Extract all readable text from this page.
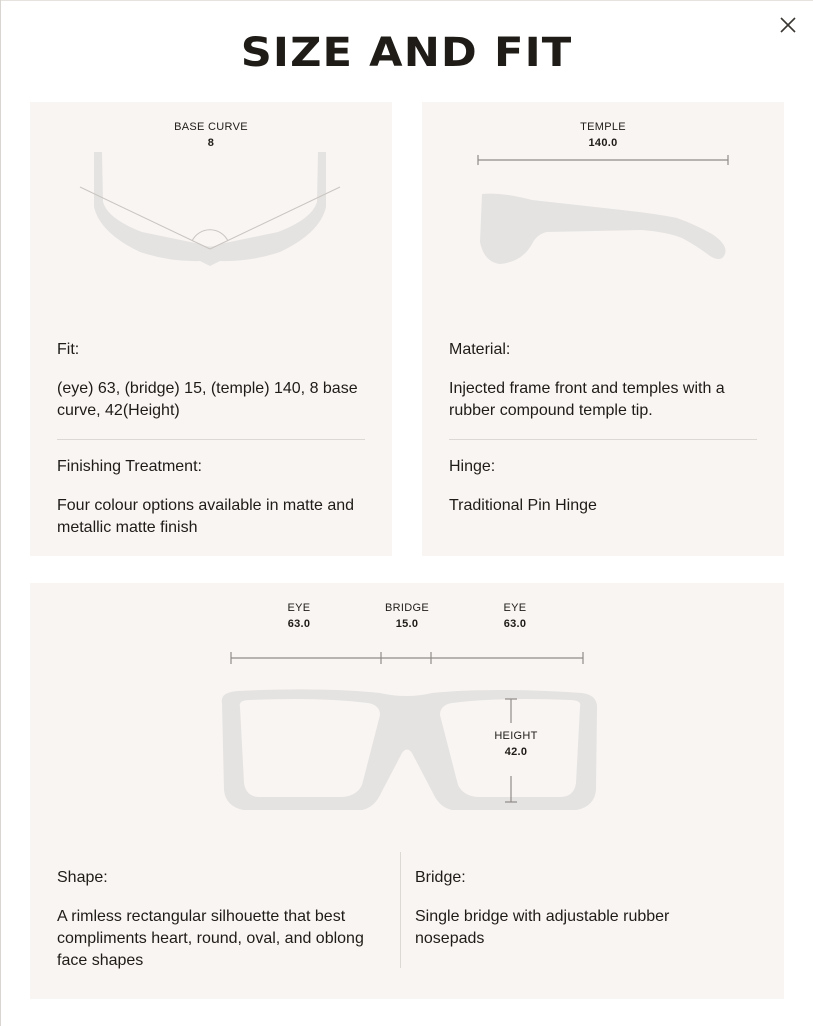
SIZE AND FIT
BASE CURVE
8
Fit:
(eye) 63, (bridge) 15, (temple) 140, 8 base curve, 42(Height)
Finishing Treatment:
Four colour options available in matte and metallic matte finish
TEMPLE
140.0
Material:
Injected frame front and temples with a rubber compound temple tip.
Hinge:
Traditional Pin Hinge
EYE
63.0
BRIDGE
15.0
EYE
63.0
HEIGHT
42.0
Shape:
A rimless rectangular silhouette that best compliments heart, round, oval, and oblong face shapes
Bridge:
Single bridge with adjustable rubber nosepads
